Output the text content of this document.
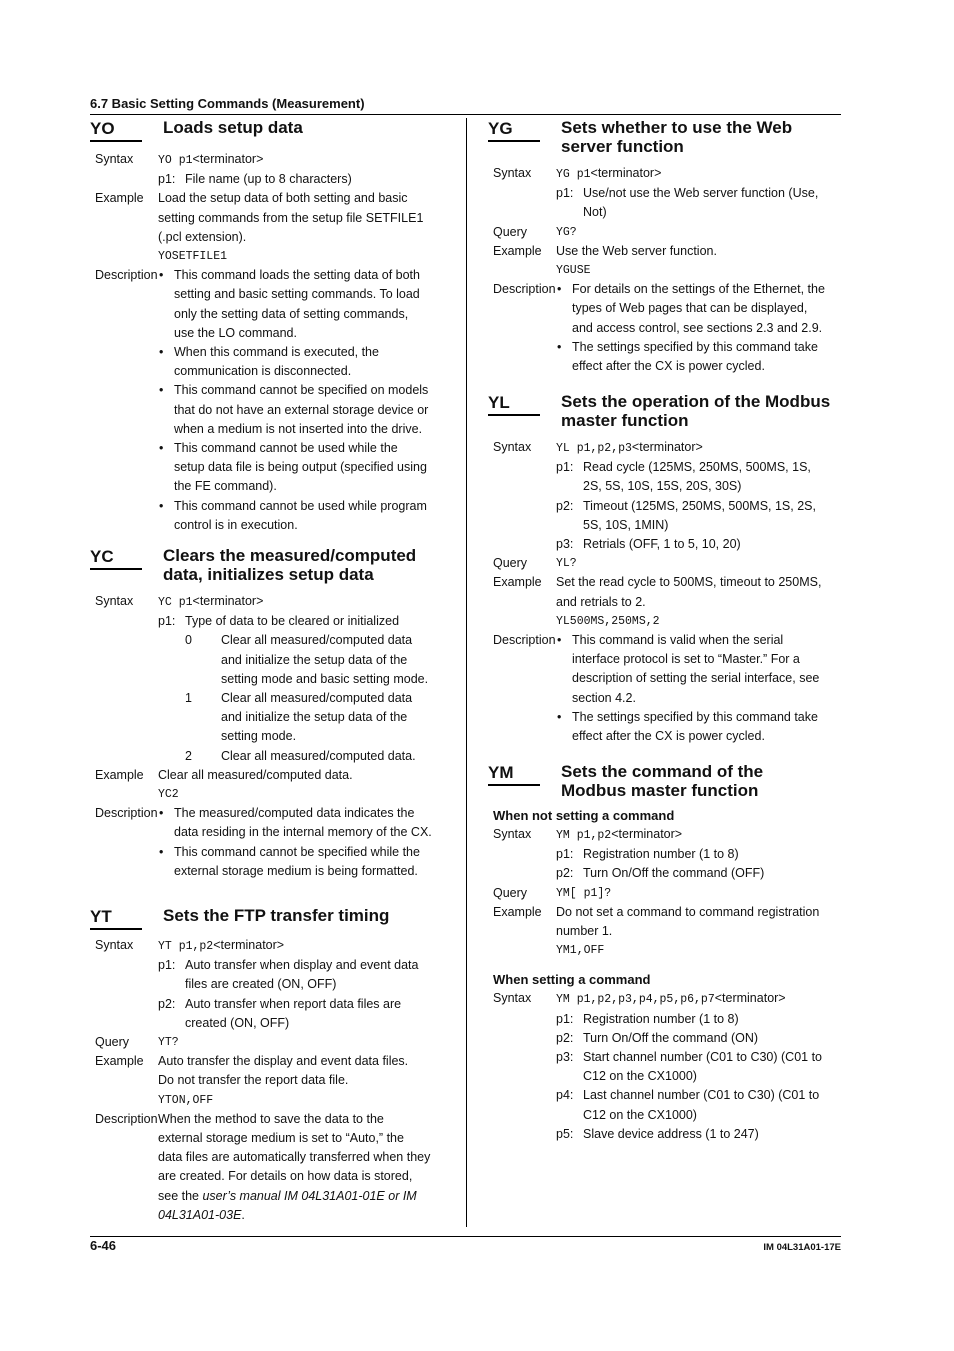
6.7 Basic Setting Commands (Measurement)
YO	Loads setup data
Syntax	YO p1<terminator>
p1: File name (up to 8 characters)
Example	Load the setup data of both setting and basic
setting commands from the setup file SETFILE1
(.pcl extension).
YOSETFILE1
Description • This command loads the setting data of both
setting and basic setting commands. To load
only the setting data of setting commands,
use the LO command.
• When this command is executed, the
communication is disconnected.
• This command cannot be specified on models
that do not have an external storage device or
when a medium is not inserted into the drive.
• This command cannot be used while the
setup data file is being output (specified using
the FE command).
• This command cannot be used while program
control is in execution.
YC	Clears the measured/computed
data, initializes setup data
Syntax	YC p1<terminator>
p1: Type of data to be cleared or initialized
0	Clear all measured/computed data
and initialize the setup data of the
setting mode and basic setting mode.
1	Clear all measured/computed data
and initialize the setup data of the
setting mode.
2	Clear all measured/computed data.
Example	Clear all measured/computed data.
YC2
Description • The measured/computed data indicates the
data residing in the internal memory of the CX.
• This command cannot be specified while the
external storage medium is being formatted.
YT	Sets the FTP transfer timing
Syntax	YT p1,p2<terminator>
p1: Auto transfer when display and event data
files are created (ON, OFF)
p2: Auto transfer when report data files are
created (ON, OFF)
Query	YT?
Example	Auto transfer the display and event data files.
Do not transfer the report data file.
YTON,OFF
Description When the method to save the data to the
external storage medium is set to “Auto,” the
data files are automatically transferred when they
are created. For details on how data is stored,
see the user’s manual IM 04L31A01-01E or IM
04L31A01-03E.
YG	Sets whether to use the Web
server function
Syntax	YG p1<terminator>
p1: Use/not use the Web server function (Use,
Not)
Query	YG?
Example	Use the Web server function.
YGUSE
Description • For details on the settings of the Ethernet, the
types of Web pages that can be displayed,
and access control, see sections 2.3 and 2.9.
• The settings specified by this command take
effect after the CX is power cycled.
YL	Sets the operation of the Modbus
master function
Syntax	YL p1,p2,p3<terminator>
p1: Read cycle (125MS, 250MS, 500MS, 1S,
2S, 5S, 10S, 15S, 20S, 30S)
p2: Timeout (125MS, 250MS, 500MS, 1S, 2S,
5S, 10S, 1MIN)
p3: Retrials (OFF, 1 to 5, 10, 20)
Query	YL?
Example	Set the read cycle to 500MS, timeout to 250MS,
and retrials to 2.
YL500MS,250MS,2
Description • This command is valid when the serial
interface protocol is set to “Master.” For a
description of setting the serial interface, see
section 4.2.
• The settings specified by this command take
effect after the CX is power cycled.
YM	Sets the command of the
Modbus master function
When not setting a command
Syntax	YM p1,p2<terminator>
p1: Registration number (1 to 8)
p2: Turn On/Off the command (OFF)
Query	YM[ p1]?
Example	Do not set a command to command registration
number 1.
YM1,OFF
When setting a command
Syntax	YM p1,p2,p3,p4,p5,p6,p7<terminator>
p1: Registration number (1 to 8)
p2: Turn On/Off the command (ON)
p3: Start channel number (C01 to C30) (C01 to
C12 on the CX1000)
p4: Last channel number (C01 to C30) (C01 to
C12 on the CX1000)
p5: Slave device address (1 to 247)
6-46	IM 04L31A01-17E
